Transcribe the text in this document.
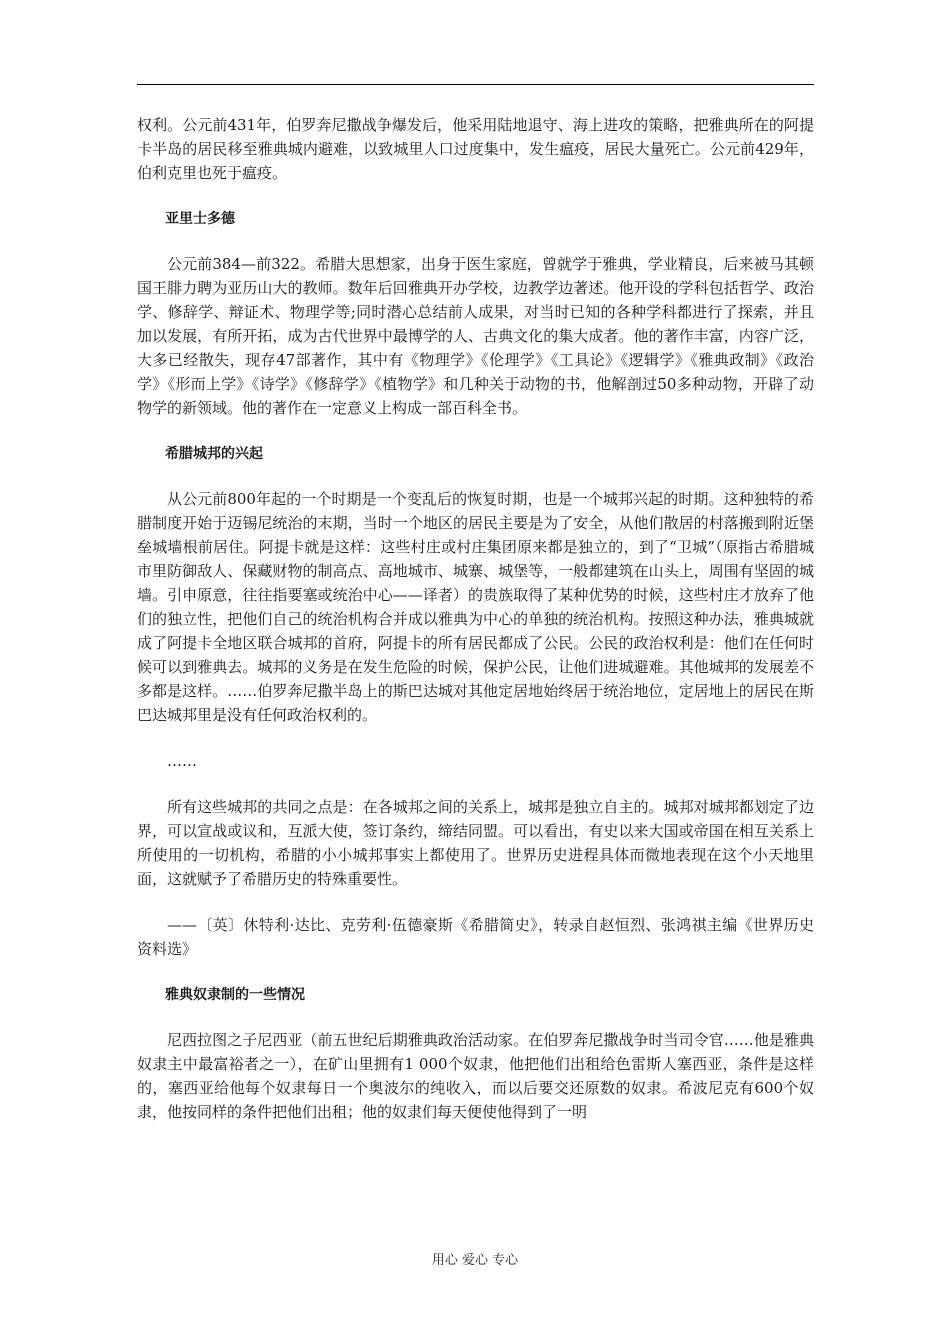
权利。公元前431年，伯罗奔尼撒战争爆发后，他采用陆地退守、海上进攻的策略，把雅典所在的阿提卡半岛的居民移至雅典城内避难，以致城里人口过度集中，发生瘟疫，居民大量死亡。公元前429年，伯利克里也死于瘟疫。

亚里士多德

公元前384—前322。希腊大思想家，出身于医生家庭，曾就学于雅典，学业精良，后来被马其顿国王腓力聘为亚历山大的教师。数年后回雅典开办学校，边教学边著述。他开设的学科包括哲学、政治学、修辞学、辩证术、物理学等;同时潜心总结前人成果，对当时已知的各种学科都进行了探索，并且加以发展，有所开拓，成为古代世界中最博学的人、古典文化的集大成者。他的著作丰富，内容广泛，大多已经散失，现存47部著作，其中有《物理学》《伦理学》《工具论》《逻辑学》《雅典政制》《政治学》《形而上学》《诗学》《修辞学》《植物学》和几种关于动物的书，他解剖过50多种动物，开辟了动物学的新领域。他的著作在一定意义上构成一部百科全书。

希腊城邦的兴起

从公元前800年起的一个时期是一个变乱后的恢复时期，也是一个城邦兴起的时期。这种独特的希腊制度开始于迈锡尼统治的末期，当时一个地区的居民主要是为了安全，从他们散居的村落搬到附近堡垒城墙根前居住。阿提卡就是这样：这些村庄或村庄集团原来都是独立的，到了“卫城”（原指古希腊城市里防御敌人、保藏财物的制高点、高地城市、城寨、城堡等，一般都建筑在山头上，周围有坚固的城墙。引申原意，往往指要塞或统治中心——译者）的贵族取得了某种优势的时候，这些村庄才放弃了他们的独立性，把他们自己的统治机构合并成以雅典为中心的单独的统治机构。按照这种办法，雅典城就成了阿提卡全地区联合城邦的首府，阿提卡的所有居民都成了公民。公民的政治权利是：他们在任何时候可以到雅典去。城邦的义务是在发生危险的时候，保护公民，让他们进城避难。其他城邦的发展差不多都是这样。……伯罗奔尼撒半岛上的斯巴达城对其他定居地始终居于统治地位，定居地上的居民在斯巴达城邦里是没有任何政治权利的。

……

所有这些城邦的共同之点是：在各城邦之间的关系上，城邦是独立自主的。城邦对城邦都划定了边界，可以宣战或议和，互派大使，签订条约，缔结同盟。可以看出，有史以来大国或帝国在相互关系上所使用的一切机构，希腊的小小城邦事实上都使用了。世界历史进程具体而微地表现在这个小天地里面，这就赋予了希腊历史的特殊重要性。

——〔英〕休特利·达比、克劳利·伍德豪斯《希腊简史》，转录自赵恒烈、张鸿祺主编《世界历史资料选》

雅典奴隶制的一些情况

尼西拉图之子尼西亚（前五世纪后期雅典政治活动家。在伯罗奔尼撒战争时当司令官……他是雅典奴隶主中最富裕者之一），在矿山里拥有1 000个奴隶，他把他们出租给色雷斯人塞西亚，条件是这样的，塞西亚给他每个奴隶每日一个奥波尔的纯收入，而以后要交还原数的奴隶。希波尼克有600个奴隶，他按同样的条件把他们出租；他的奴隶们每天便使他得到了一明

用心 爱心 专心
